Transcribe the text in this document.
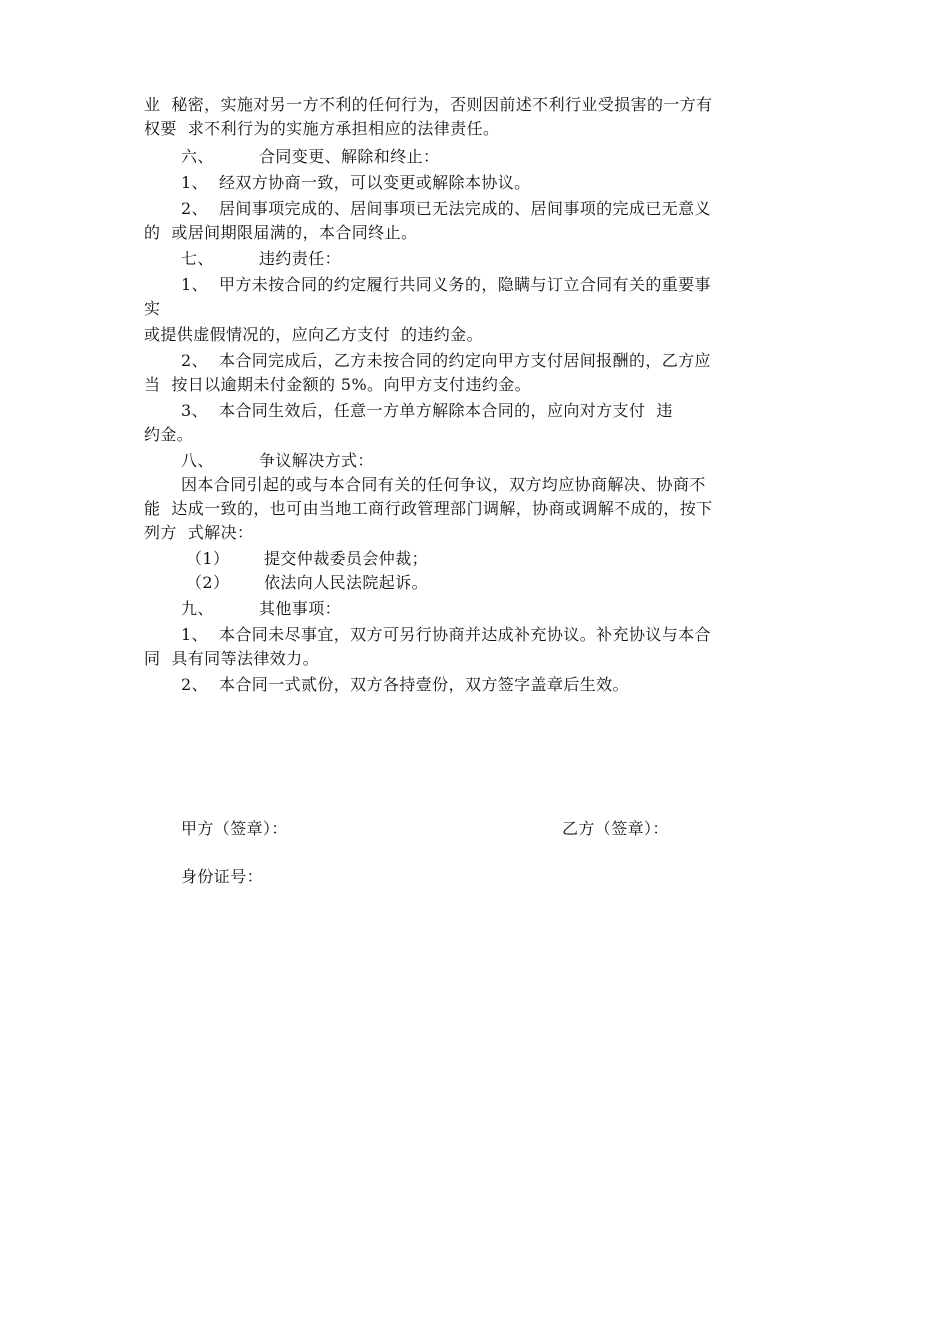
业  秘密，实施对另一方不利的任何行为，否则因前述不利行业受损害的一方有
权要  求不利行为的实施方承担相应的法律责任。
六、	合同变更、解除和终止：
1、  经双方协商一致，可以变更或解除本协议。
2、  居间事项完成的、居间事项已无法完成的、居间事项的完成已无意义
的  或居间期限届满的，本合同终止。
七、	违约责任：
1、  甲方未按合同的约定履行共同义务的，隐瞒与订立合同有关的重要事
实
或提供虚假情况的，应向乙方支付  的违约金。
2、  本合同完成后，乙方未按合同的约定向甲方支付居间报酬的，乙方应
当  按日以逾期未付金额的 5%。向甲方支付违约金。
3、  本合同生效后，任意一方单方解除本合同的，应向对方支付  违
约金。
八、	争议解决方式：
因本合同引起的或与本合同有关的任何争议，双方均应协商解决、协商不
能  达成一致的，也可由当地工商行政管理部门调解，协商或调解不成的，按下
列方  式解决：
（1） 提交仲裁委员会仲裁；
（2） 依法向人民法院起诉。
九、	其他事项：
1、  本合同未尽事宜，双方可另行协商并达成补充协议。补充协议与本合
同  具有同等法律效力。
2、  本合同一式贰份，双方各持壹份，双方签字盖章后生效。
甲方（签章）：	乙方（签章）：
身份证号：
